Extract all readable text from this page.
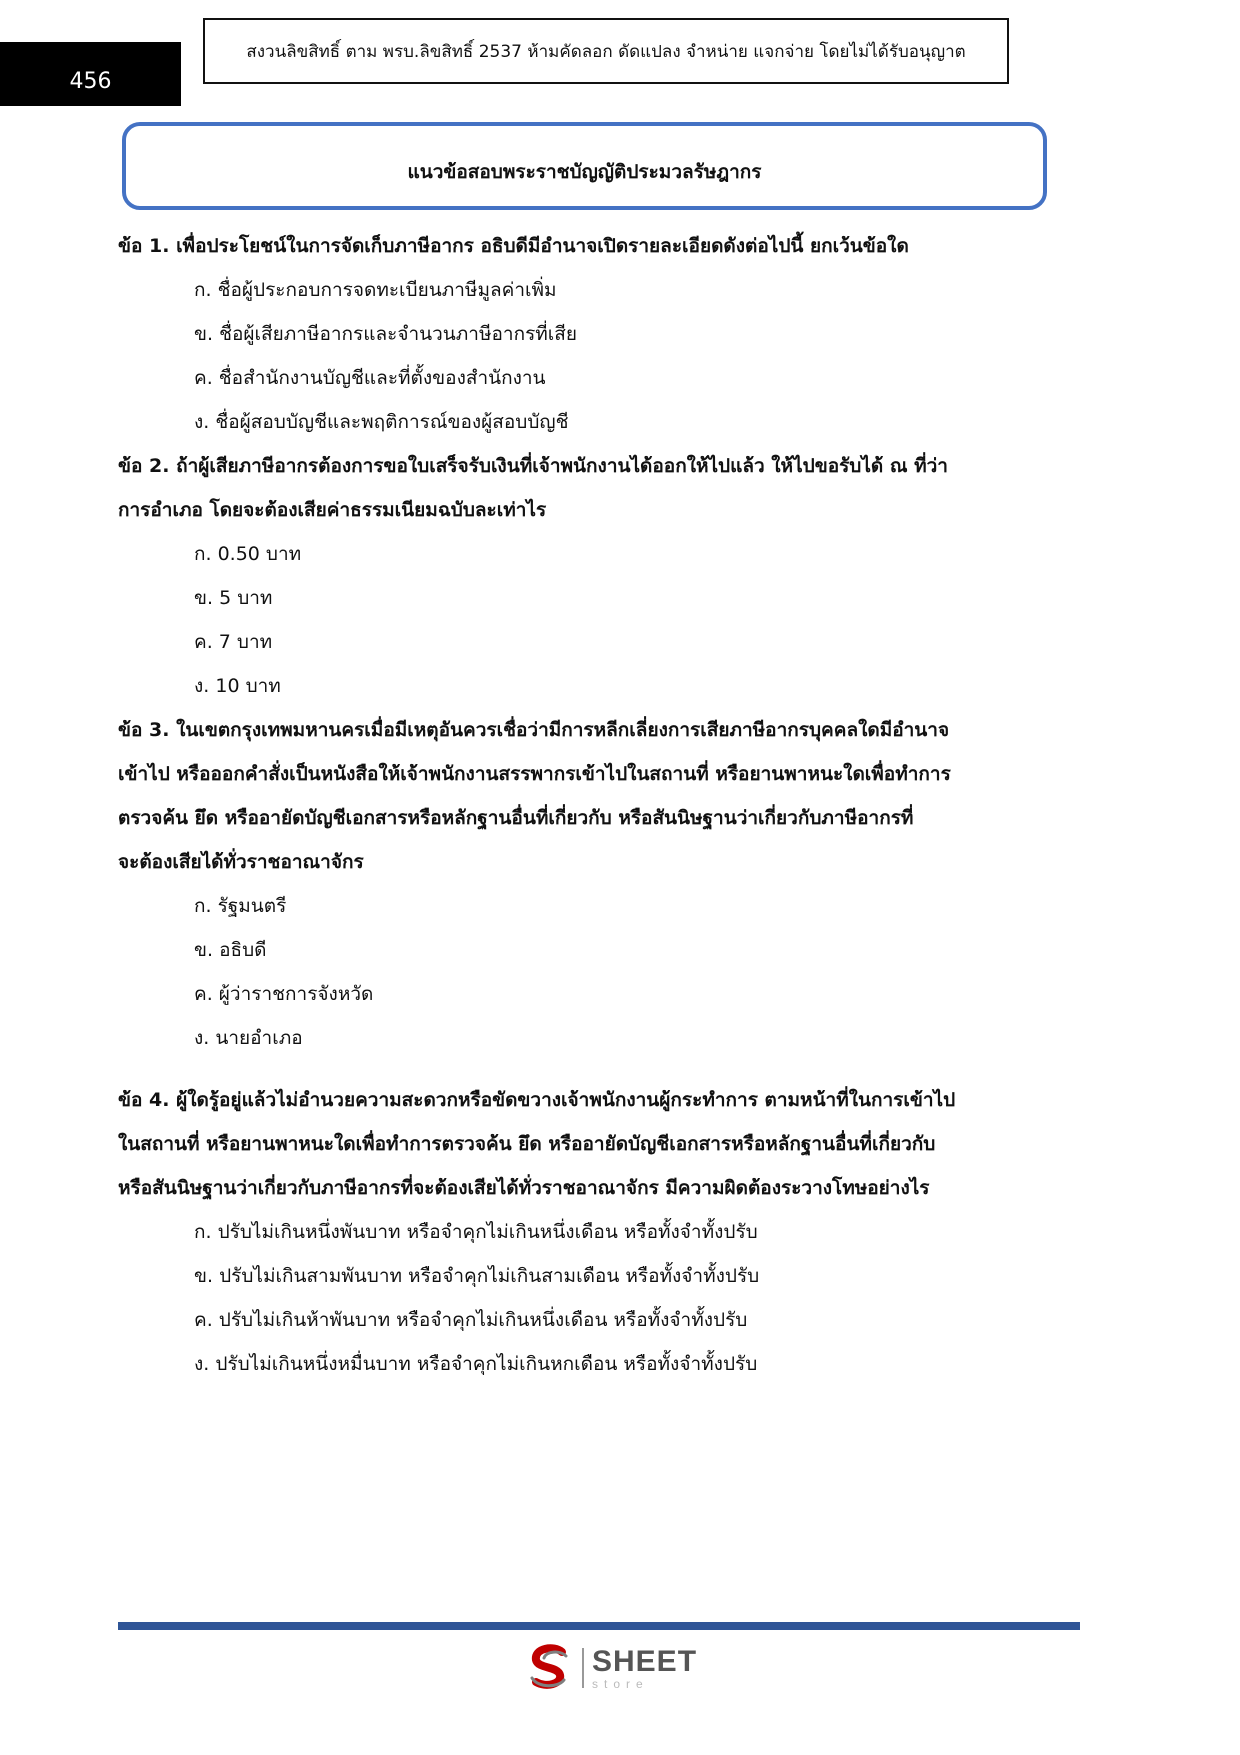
456
สงวนลิขสิทธิ์ ตาม พรบ.ลิขสิทธิ์ 2537 ห้ามคัดลอก ดัดแปลง จำหน่าย แจกจ่าย โดยไม่ได้รับอนุญาต
แนวข้อสอบพระราชบัญญัติประมวลรัษฎากร

ข้อ 1. เพื่อประโยชน์ในการจัดเก็บภาษีอากร อธิบดีมีอำนาจเปิดรายละเอียดดังต่อไปนี้ ยกเว้นข้อใด

ก. ชื่อผู้ประกอบการจดทะเบียนภาษีมูลค่าเพิ่ม
ข. ชื่อผู้เสียภาษีอากรและจำนวนภาษีอากรที่เสีย
ค. ชื่อสำนักงานบัญชีและที่ตั้งของสำนักงาน
ง. ชื่อผู้สอบบัญชีและพฤติการณ์ของผู้สอบบัญชี

ข้อ 2. ถ้าผู้เสียภาษีอากรต้องการขอใบเสร็จรับเงินที่เจ้าพนักงานได้ออกให้ไปแล้ว ให้ไปขอรับได้ ณ ที่ว่า
การอำเภอ โดยจะต้องเสียค่าธรรมเนียมฉบับละเท่าไร

ก. 0.50 บาท
ข. 5 บาท
ค. 7 บาท
ง. 10 บาท

ข้อ 3. ในเขตกรุงเทพมหานครเมื่อมีเหตุอันควรเชื่อว่ามีการหลีกเลี่ยงการเสียภาษีอากรบุคคลใดมีอำนาจ
เข้าไป หรือออกคำสั่งเป็นหนังสือให้เจ้าพนักงานสรรพากรเข้าไปในสถานที่ หรือยานพาหนะใดเพื่อทำการ
ตรวจค้น ยึด หรืออายัดบัญชีเอกสารหรือหลักฐานอื่นที่เกี่ยวกับ หรือสันนิษฐานว่าเกี่ยวกับภาษีอากรที่
จะต้องเสียได้ทั่วราชอาณาจักร

ก. รัฐมนตรี
ข. อธิบดี
ค. ผู้ว่าราชการจังหวัด
ง. นายอำเภอ

ข้อ 4. ผู้ใดรู้อยู่แล้วไม่อำนวยความสะดวกหรือขัดขวางเจ้าพนักงานผู้กระทำการ ตามหน้าที่ในการเข้าไป
ในสถานที่ หรือยานพาหนะใดเพื่อทำการตรวจค้น ยึด หรืออายัดบัญชีเอกสารหรือหลักฐานอื่นที่เกี่ยวกับ
หรือสันนิษฐานว่าเกี่ยวกับภาษีอากรที่จะต้องเสียได้ทั่วราชอาณาจักร มีความผิดต้องระวางโทษอย่างไร

ก. ปรับไม่เกินหนึ่งพันบาท หรือจำคุกไม่เกินหนึ่งเดือน หรือทั้งจำทั้งปรับ
ข. ปรับไม่เกินสามพันบาท หรือจำคุกไม่เกินสามเดือน หรือทั้งจำทั้งปรับ
ค. ปรับไม่เกินห้าพันบาท หรือจำคุกไม่เกินหนึ่งเดือน หรือทั้งจำทั้งปรับ
ง. ปรับไม่เกินหนึ่งหมื่นบาท หรือจำคุกไม่เกินหกเดือน หรือทั้งจำทั้งปรับ
SHEET
store
